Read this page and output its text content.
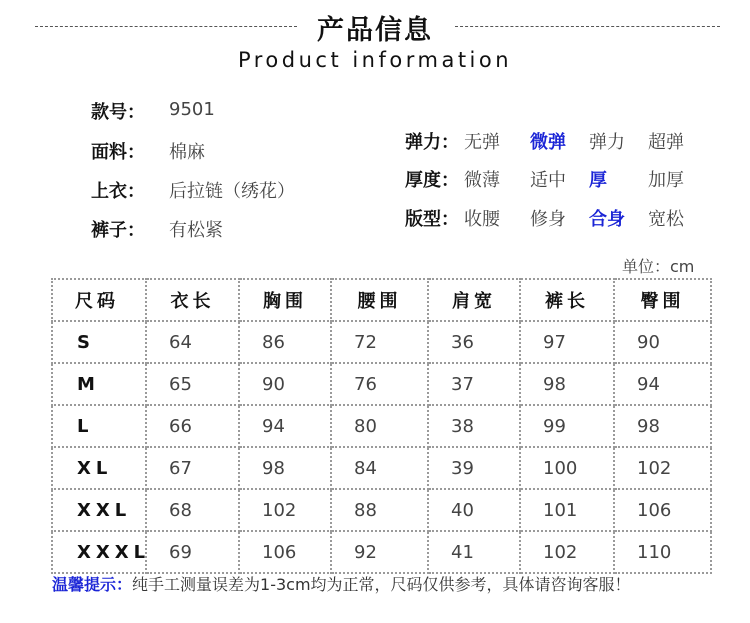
产品信息
Product information
款号： 9501
面料： 棉麻
上衣： 后拉链（绣花）
裤子： 有松紧
弹力： 无弹 微弹 弹力 超弹
厚度： 微薄 适中 厚 加厚
版型： 收腰 修身 合身 宽松
单位：cm
尺码	衣长	胸围	腰围	肩宽	裤长	臀围
S	64	86	72	36	97	90
M	65	90	76	37	98	94
L	66	94	80	38	99	98
XL	67	98	84	39	100	102
XXL	68	102	88	40	101	106
XXXL	69	106	92	41	102	110
温馨提示：纯手工测量误差为1-3cm均为正常，尺码仅供参考，具体请咨询客服！
